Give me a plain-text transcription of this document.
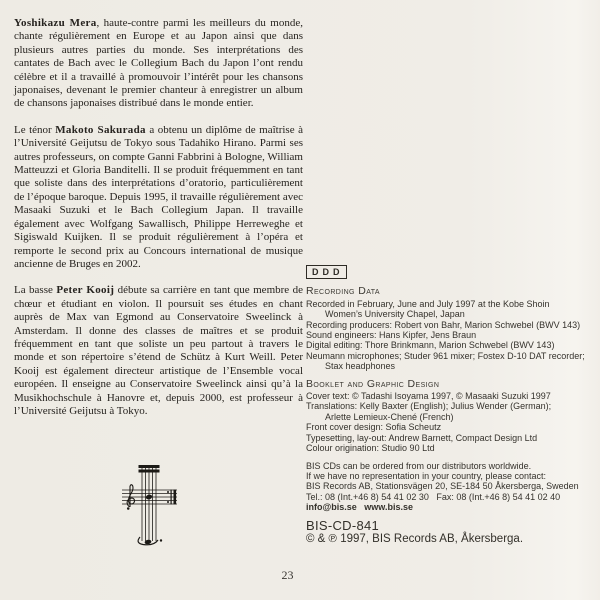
Yoshikazu Mera, haute-contre parmi les meilleurs du monde, chante régulièrement en Europe et au Japon ainsi que dans plusieurs autres parties du monde. Ses interprétations des cantates de Bach avec le Collegium Bach du Japon l’ont rendu célèbre et il a travaillé à promouvoir l’intérêt pour les chansons japonaises, devenant le premier chanteur à enregistrer un album de chansons japonaises distribué dans le monde entier.

Le ténor Makoto Sakurada a obtenu un diplôme de maîtrise à l’Université Geijutsu de Tokyo sous Tadahiko Hirano. Parmi ses autres professeurs, on compte Ganni Fabbrini à Bologne, William Matteuzzi et Gloria Banditelli. Il se produit fréquemment en tant que soliste dans des interprétations d’oratorio, particulièrement de l’époque baroque. Depuis 1995, il travaille régulièrement avec Masaaki Suzuki et le Bach Collegium Japan. Il travaille également avec Wolfgang Sawallisch, Philippe Herreweghe et Sigiswald Kuijken. Il se produit régulièrement à l’opéra et remporte le second prix au Concours international de musique ancienne de Bruges en 2002.

La basse Peter Kooij débute sa carrière en tant que membre de chœur et étudiant en violon. Il poursuit ses études en chant auprès de Max van Egmond au Conservatoire Sweelinck à Amsterdam. Il donne des classes de maîtres et se produit fréquemment en tant que soliste un peu partout à travers le monde et son répertoire s’étend de Schütz à Kurt Weill. Peter Kooij est également directeur artistique de l’Ensemble vocal européen. Il enseigne au Conservatoire Sweelinck ainsi qu’à la Musikhochschule à Hanovre et, depuis 2000, est professeur à l’Université Geijutsu à Tokyo.

DDD
Recording Data
Recorded in February, June and July 1997 at the Kobe Shoin
Women’s University Chapel, Japan
Recording producers: Robert von Bahr, Marion Schwebel (BWV 143)
Sound engineers: Hans Kipfer, Jens Braun
Digital editing: Thore Brinkmann, Marion Schwebel (BWV 143)
Neumann microphones; Studer 961 mixer; Fostex D-10 DAT recorder;
Stax headphones
Booklet and Graphic Design
Cover text: © Tadashi Isoyama 1997, © Masaaki Suzuki 1997
Translations: Kelly Baxter (English); Julius Wender (German);
Arlette Lemieux-Chené (French)
Front cover design: Sofia Scheutz
Typesetting, lay-out: Andrew Barnett, Compact Design Ltd
Colour origination: Studio 90 Ltd
BIS CDs can be ordered from our distributors worldwide.
If we have no representation in your country, please contact:
BIS Records AB, Stationsvägen 20, SE-184 50 Åkersberga, Sweden
Tel.: 08 (Int.+46 8) 54 41 02 30   Fax: 08 (Int.+46 8) 54 41 02 40
info@bis.se   www.bis.se
BIS-CD-841
© & ℗ 1997, BIS Records AB, Åkersberga.
23
